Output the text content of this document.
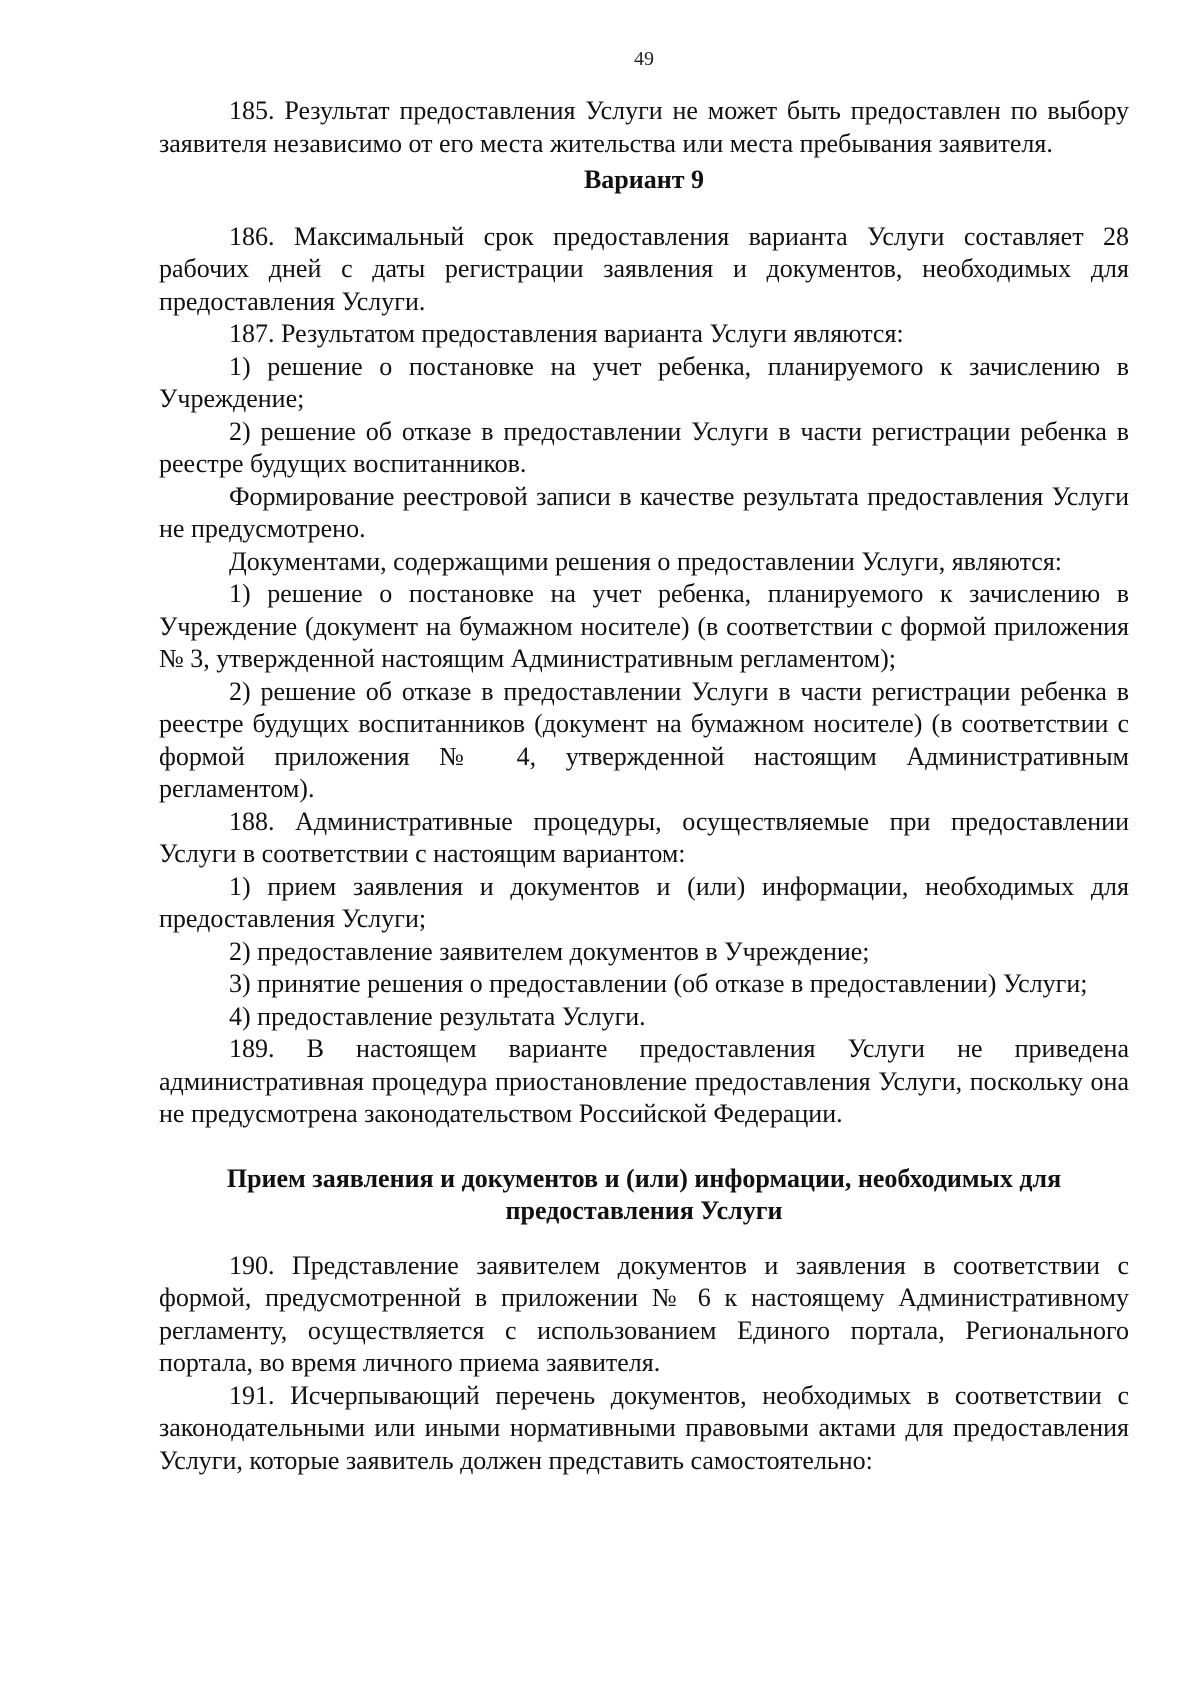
49

185. Результат предоставления Услуги не может быть предоставлен по выбору заявителя независимо от его места жительства или места пребывания заявителя.

Вариант 9

186. Максимальный срок предоставления варианта Услуги составляет 28 рабочих дней с даты регистрации заявления и документов, необходимых для предоставления Услуги.

187. Результатом предоставления варианта Услуги являются:

1) решение о постановке на учет ребенка, планируемого к зачислению в Учреждение;

2) решение об отказе в предоставлении Услуги в части регистрации ребенка в реестре будущих воспитанников.

Формирование реестровой записи в качестве результата предоставления Услуги не предусмотрено.

Документами, содержащими решения о предоставлении Услуги, являются:

1) решение о постановке на учет ребенка, планируемого к зачислению в Учреждение (документ на бумажном носителе) (в соответствии с формой приложения № 3, утвержденной настоящим Административным регламентом);

2) решение об отказе в предоставлении Услуги в части регистрации ребенка в реестре будущих воспитанников (документ на бумажном носителе) (в соответствии с формой приложения № 4, утвержденной настоящим Административным регламентом).

188. Административные процедуры, осуществляемые при предоставлении Услуги в соответствии с настоящим вариантом:

1) прием заявления и документов и (или) информации, необходимых для предоставления Услуги;

2) предоставление заявителем документов в Учреждение;

3) принятие решения о предоставлении (об отказе в предоставлении) Услуги;

4) предоставление результата Услуги.

189. В настоящем варианте предоставления Услуги не приведена административная процедура приостановление предоставления Услуги, поскольку она не предусмотрена законодательством Российской Федерации.

Прием заявления и документов и (или) информации, необходимых для предоставления Услуги

190. Представление заявителем документов и заявления в соответствии с формой, предусмотренной в приложении № 6 к настоящему Административному регламенту, осуществляется с использованием Единого портала, Регионального портала, во время личного приема заявителя.

191. Исчерпывающий перечень документов, необходимых в соответствии с законодательными или иными нормативными правовыми актами для предоставления Услуги, которые заявитель должен представить самостоятельно:
